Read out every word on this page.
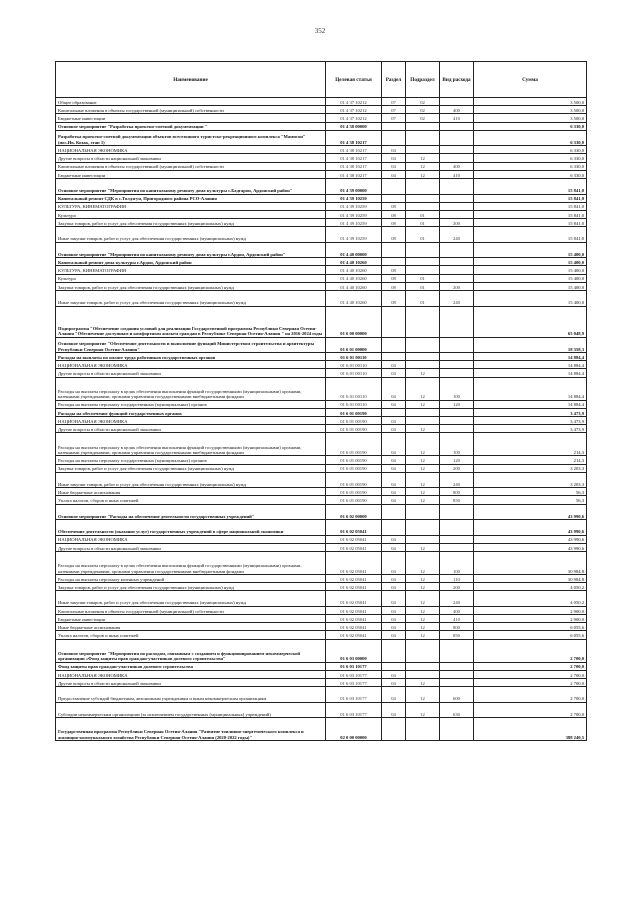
352
Наименование	Целевая статья	Раздел	Подраздел	Вид расхода	Сумма
Общее образование	01 4 37 10212	07	02		3 500,0
Капитальные вложения в объекты государственной (муниципальной) собственности	01 4 37 10212	07	02	400	3 500,0
Бюджетные инвестиции	01 4 37 10212	07	02	410	3 500,0
Основное мероприятие "Разработка проектно-сметной документации "	01 4 38 00000				6 330,0
Разработка проектно-сметной документации объектов всесезонного туристско-рекреационного комплекса "Мамисон" (пос.Ив. Козак, этап 1)	01 4 38 10217				6 330,0
НАЦИОНАЛЬНАЯ ЭКОНОМИКА	01 4 38 10217	04			6 330,0
Другие вопросы в области национальной экономики	01 4 38 10217	04	12		6 330,0
Капитальные вложения в объекты государственной (муниципальной) собственности	01 4 38 10217	04	12	400	6 330,0
Бюджетные инвестиции	01 4 38 10217	04	12	410	6 330,0
Основное мероприятие "Мероприятия по капитальному ремонту дома культуры с.Бадгарон, Ардонский район"	01 4 39 00000				15 841,0
Капитальный ремонт СДК в с.Толдзгун, Пригородного района РСО-Алания	01 4 39 10259				15 841,0
КУЛЬТУРА, КИНЕМАТОГРАФИЯ	01 4 39 10259	08			15 841,0
Культура	01 4 39 10259	08	01		15 841,0
Закупка товаров, работ и услуг для обеспечения государственных (муниципальных) нужд	01 4 39 10259	08	01	200	15 841,0
Иные закупки товаров, работ и услуг для обеспечения государственных (муниципальных) нужд	01 4 39 10259	08	01	240	15 841,0
Основное мероприятие "Мероприятия по капитальному ремонту дома культуры г.Ардон, Ардонский район"	01 4 40 00000				15 400,0
Капитальный ремонт дома культуры г.Ардон, Ардонский район	01 4 40 10260				15 400,0
КУЛЬТУРА, КИНЕМАТОГРАФИЯ	01 4 40 10260	08			15 400,0
Культура	01 4 40 10260	08	01		15 400,0
Закупка товаров, работ и услуг для обеспечения государственных (муниципальных) нужд	01 4 40 10260	08	01	200	15 400,0
Иные закупки товаров, работ и услуг для обеспечения государственных (муниципальных) нужд	01 4 40 10260	08	01	240	15 400,0
Подпрограмма "Обеспечение создания условий для реализации Государственной программы Республики Северная Осетия-Алания "Обеспечение доступным и комфортным жильем граждан в Республике Северная Осетия-Алания " на 2016-2024 годы	01 6 00 00000				65 048,9
Основное мероприятие "Обеспечение деятельности и выполнение функций Министерством строительства и архитектуры Республики Северная Осетия-Алания"	01 6 01 00000				18 358,3
Расходы на выплаты по оплате труда работников государственных органов	01 6 01 00110				14 884,4
НАЦИОНАЛЬНАЯ ЭКОНОМИКА	01 6 01 00110	04			14 884,4
Другие вопросы в области национальной экономики	01 6 01 00110	04	12		14 884,4
Расходы на выплаты персоналу в целях обеспечения выполнения функций государственными (муниципальными) органами, казенными учреждениями, органами управления государственными внебюджетными фондами	01 6 01 00110	04	12	100	14 884,4
Расходы на выплаты персоналу государственных (муниципальных) органов	01 6 01 00110	04	12	120	14 884,4
Расходы на обеспечение функций государственных органов	01 6 01 00190				3 473,9
НАЦИОНАЛЬНАЯ ЭКОНОМИКА	01 6 01 00190	04			3 473,9
Другие вопросы в области национальной экономики	01 6 01 00190	04	12		3 473,9
Расходы на выплаты персоналу в целях обеспечения выполнения функций государственными (муниципальными) органами, казенными учреждениями, органами управления государственными внебюджетными фондами	01 6 01 00190	04	12	100	214,3
Расходы на выплаты персоналу государственных (муниципальных) органов	01 6 01 00190	04	12	120	214,3
Закупка товаров, работ и услуг для обеспечения государственных (муниципальных) нужд	01 6 01 00190	04	12	200	3 203,3
Иные закупки товаров, работ и услуг для обеспечения государственных (муниципальных) нужд	01 6 01 00190	04	12	240	3 203,3
Иные бюджетные ассигнования	01 6 01 00190	04	12	800	56,3
Уплата налогов, сборов и иных платежей	01 6 01 00190	04	12	850	56,3
Основное мероприятие "Расходы на обеспечение деятельности государственных учреждений"	01 6 02 00000				43 990,6
Обеспечение деятельности (оказание услуг) государственных учреждений в сфере национальной экономики	01 6 02 05041				43 990,6
НАЦИОНАЛЬНАЯ ЭКОНОМИКА	01 6 02 05041	04			43 990,6
Другие вопросы в области национальной экономики	01 6 02 05041	04	12		43 990,6
Расходы на выплаты персоналу в целях обеспечения выполнения функций государственными (муниципальными) органами, казенными учреждениями, органами управления государственными внебюджетными фондами	01 6 02 05041	04	12	100	30 984,8
Расходы на выплаты персоналу казенных учреждений	01 6 02 05041	04	12	110	30 984,8
Закупка товаров, работ и услуг для обеспечения государственных (муниципальных) нужд	01 6 02 05041	04	12	200	4 050,2
Иные закупки товаров, работ и услуг для обеспечения государственных (муниципальных) нужд	01 6 02 05041	04	12	240	4 050,2
Капитальные вложения в объекты государственной (муниципальной) собственности	01 6 02 05041	04	12	400	2 900,0
Бюджетные инвестиции	01 6 02 05041	04	12	410	2 900,0
Иные бюджетные ассигнования	01 6 02 05041	04	12	800	6 055,6
Уплата налогов, сборов и иных платежей	01 6 02 05041	04	12	850	6 055,6
Основное мероприятие "Мероприятия по расходам, связанным с созданием и функционированием некоммерческой организации «Фонд защиты прав граждан-участников долевого строительства"	01 6 03 00000				2 700,0
Фонд защиты прав граждан-участников долевого строительства	01 6 03 10177				2 700,0
НАЦИОНАЛЬНАЯ ЭКОНОМИКА	01 6 03 10177	04			2 700,0
Другие вопросы в области национальной экономики	01 6 03 10177	04	12		2 700,0
Предоставление субсидий бюджетным, автономным учреждениям и иным некоммерческим организациям	01 6 03 10177	04	12	600	2 700,0
Субсидии некоммерческим организациям (за исключением государственных (муниципальных) учреждений)	01 6 03 10177	04	12	630	2 700,0
Государственная программа Республики Северная Осетия-Алания "Развитие топливно-энергетического комплекса и жилищно-коммунального хозяйства Республики Северная Осетия-Алания (2020-2022 годы)"	02 0 00 00000				388 240,5
